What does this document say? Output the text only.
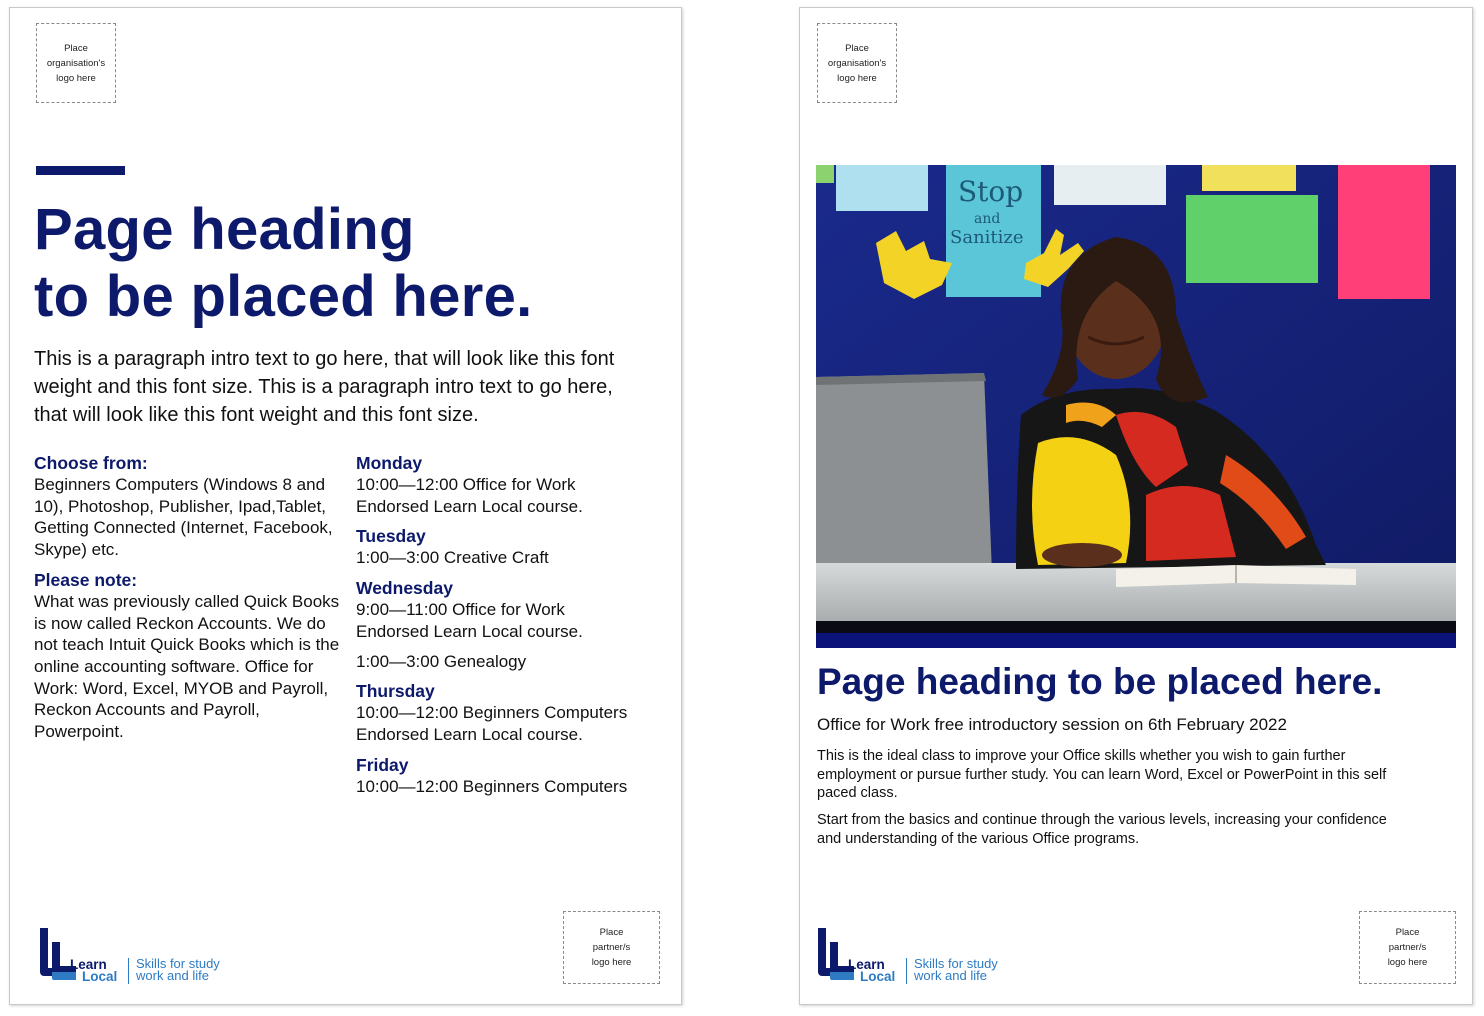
Place
organisation's
logo here
Page heading
to be placed here.

This is a paragraph intro text to go here, that will look like this font weight and this font size. This is a paragraph intro text to go here, that will look like this font weight and this font size.

Choose from:
Beginners Computers (Windows 8 and 10), Photoshop, Publisher, Ipad,Tablet, Getting Connected (Internet, Facebook, Skype) etc.
Please note:
What was previously called Quick Books is now called Reckon Accounts. We do not teach Intuit Quick Books which is the online accounting software. Office for Work: Word, Excel, MYOB and Payroll, Reckon Accounts and Payroll, Powerpoint.
Monday
10:00—12:00 Office for Work
Endorsed Learn Local course.
Tuesday
1:00—3:00 Creative Craft
Wednesday
9:00—11:00 Office for Work
Endorsed Learn Local course.
1:00—3:00 Genealogy
Thursday
10:00—12:00 Beginners Computers
Endorsed Learn Local course.
Friday
10:00—12:00 Beginners Computers
Learn
Local
Skills for study
work and life
Place
partner/s
logo here
Place
organisation's
logo here
Stop
and
Sanitize
Page heading to be placed here.
Office for Work free introductory session on 6th February 2022

This is the ideal class to improve your Office skills whether you wish to gain further employment or pursue further study. You can learn Word, Excel or PowerPoint in this self paced class.

Start from the basics and continue through the various levels, increasing your confidence and understanding of the various Office programs.

Learn
Local
Skills for study
work and life
Place
partner/s
logo here
